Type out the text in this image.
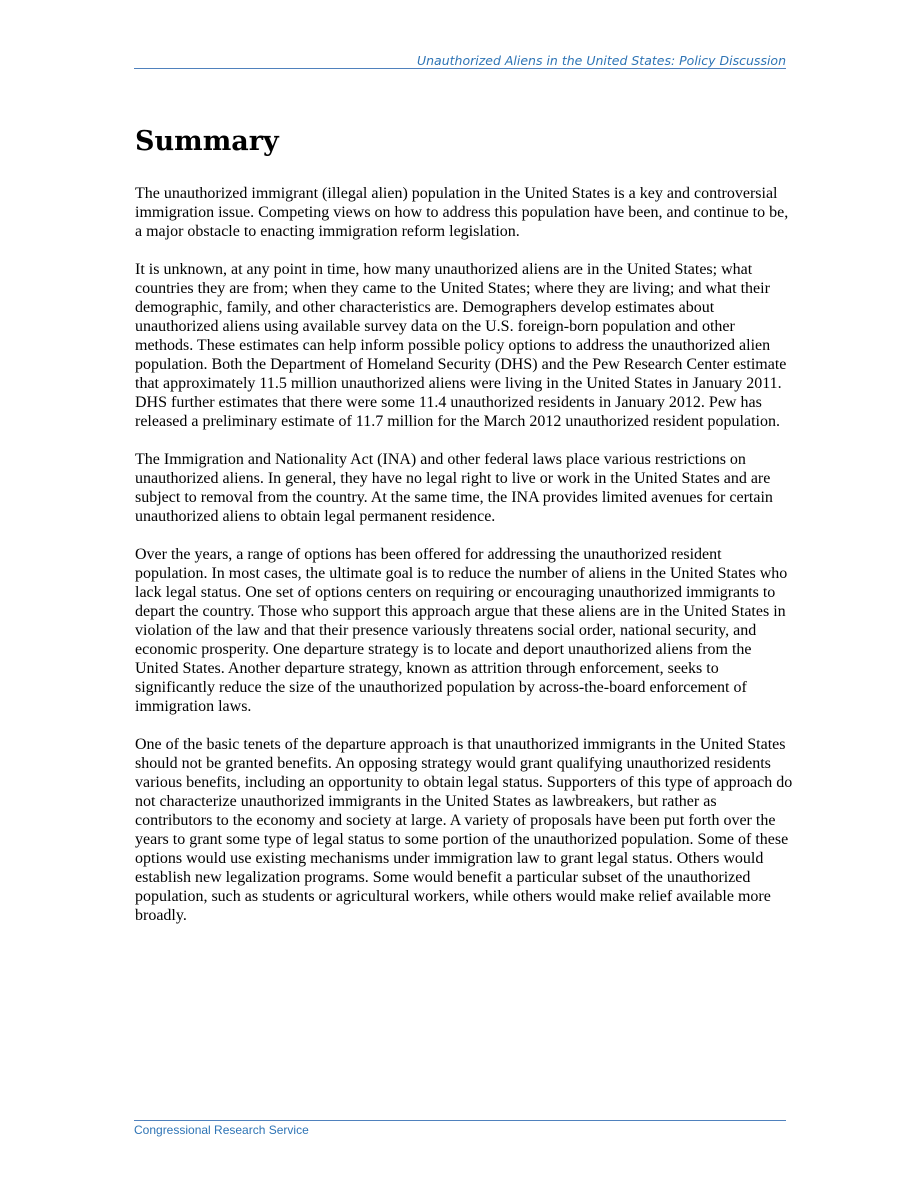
Unauthorized Aliens in the United States: Policy Discussion
Summary

The unauthorized immigrant (illegal alien) population in the United States is a key and controversial immigration issue. Competing views on how to address this population have been, and continue to be, a major obstacle to enacting immigration reform legislation.

It is unknown, at any point in time, how many unauthorized aliens are in the United States; what countries they are from; when they came to the United States; where they are living; and what their demographic, family, and other characteristics are. Demographers develop estimates about unauthorized aliens using available survey data on the U.S. foreign-born population and other methods. These estimates can help inform possible policy options to address the unauthorized alien population. Both the Department of Homeland Security (DHS) and the Pew Research Center estimate that approximately 11.5 million unauthorized aliens were living in the United States in January 2011. DHS further estimates that there were some 11.4 unauthorized residents in January 2012. Pew has released a preliminary estimate of 11.7 million for the March 2012 unauthorized resident population.

The Immigration and Nationality Act (INA) and other federal laws place various restrictions on unauthorized aliens. In general, they have no legal right to live or work in the United States and are subject to removal from the country. At the same time, the INA provides limited avenues for certain unauthorized aliens to obtain legal permanent residence.

Over the years, a range of options has been offered for addressing the unauthorized resident population. In most cases, the ultimate goal is to reduce the number of aliens in the United States who lack legal status. One set of options centers on requiring or encouraging unauthorized immigrants to depart the country. Those who support this approach argue that these aliens are in the United States in violation of the law and that their presence variously threatens social order, national security, and economic prosperity. One departure strategy is to locate and deport unauthorized aliens from the United States. Another departure strategy, known as attrition through enforcement, seeks to significantly reduce the size of the unauthorized population by across-the-board enforcement of immigration laws.

One of the basic tenets of the departure approach is that unauthorized immigrants in the United States should not be granted benefits. An opposing strategy would grant qualifying unauthorized residents various benefits, including an opportunity to obtain legal status. Supporters of this type of approach do not characterize unauthorized immigrants in the United States as lawbreakers, but rather as contributors to the economy and society at large. A variety of proposals have been put forth over the years to grant some type of legal status to some portion of the unauthorized population. Some of these options would use existing mechanisms under immigration law to grant legal status. Others would establish new legalization programs. Some would benefit a particular subset of the unauthorized population, such as students or agricultural workers, while others would make relief available more broadly.

Congressional Research Service
